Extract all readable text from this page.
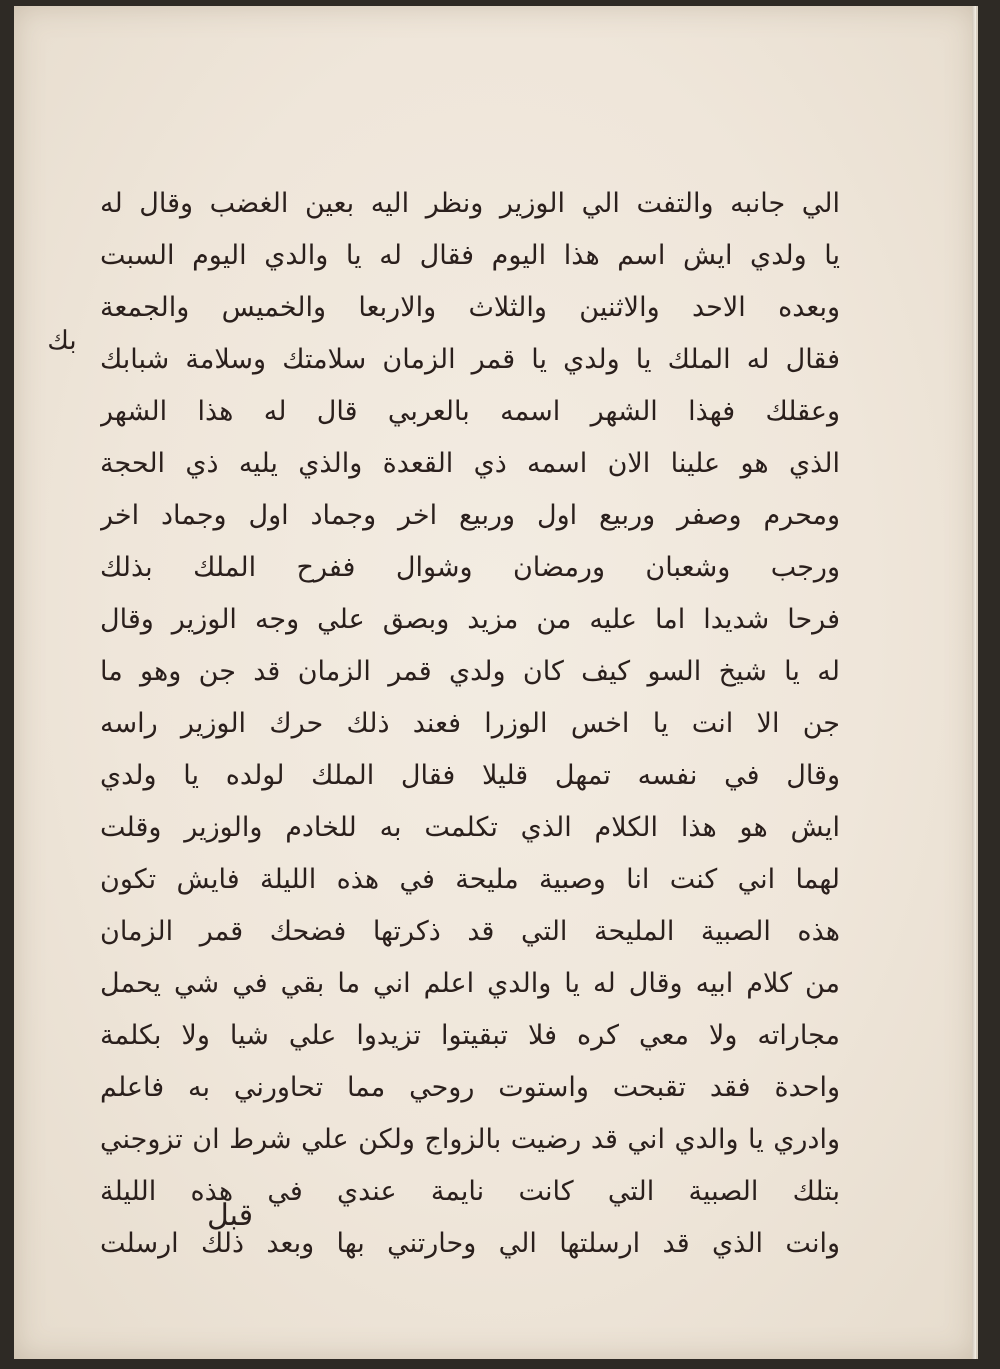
الي جانبه والتفت الي الوزير ونظر اليه بعين الغضب وقال له
يا ولدي ايش اسم هذا اليوم فقال له يا والدي اليوم السبت
وبعده الاحد والاثنين والثلاث والاربعا والخميس والجمعة
فقال له الملك يا ولدي يا قمر الزمان سلامتك وسلامة شبابك
وعقلك فهذا الشهر اسمه بالعربي قال له هذا الشهر
الذي هو علينا الان اسمه ذي القعدة والذي يليه ذي الحجة
ومحرم وصفر وربيع اول وربيع اخر وجماد اول وجماد اخر
ورجب وشعبان ورمضان وشوال ففرح الملك بذلك
فرحا شديدا اما عليه من مزيد وبصق علي وجه الوزير وقال
له يا شيخ السو كيف كان ولدي قمر الزمان قد جن وهو ما
جن الا انت يا اخس الوزرا فعند ذلك حرك الوزير راسه
وقال في نفسه تمهل قليلا فقال الملك لولده يا ولدي
ايش هو هذا الكلام الذي تكلمت به للخادم والوزير وقلت
لهما اني كنت انا وصبية مليحة في هذه الليلة فايش تكون
هذه الصبية المليحة التي قد ذكرتها فضحك قمر الزمان
من كلام ابيه وقال له يا والدي اعلم اني ما بقي في شي يحمل
مجاراته ولا معي كره فلا تبقيتوا تزيدوا علي شيا ولا بكلمة
واحدة فقد تقبحت واستوت روحي مما تحاورني به فاعلم
وادري يا والدي اني قد رضيت بالزواج ولكن علي شرط ان تزوجني
بتلك الصبية التي كانت نايمة عندي في هذه الليلة
وانت الذي قد ارسلتها الي وحارتني بها وبعد ذلك ارسلت
بك
قبل
